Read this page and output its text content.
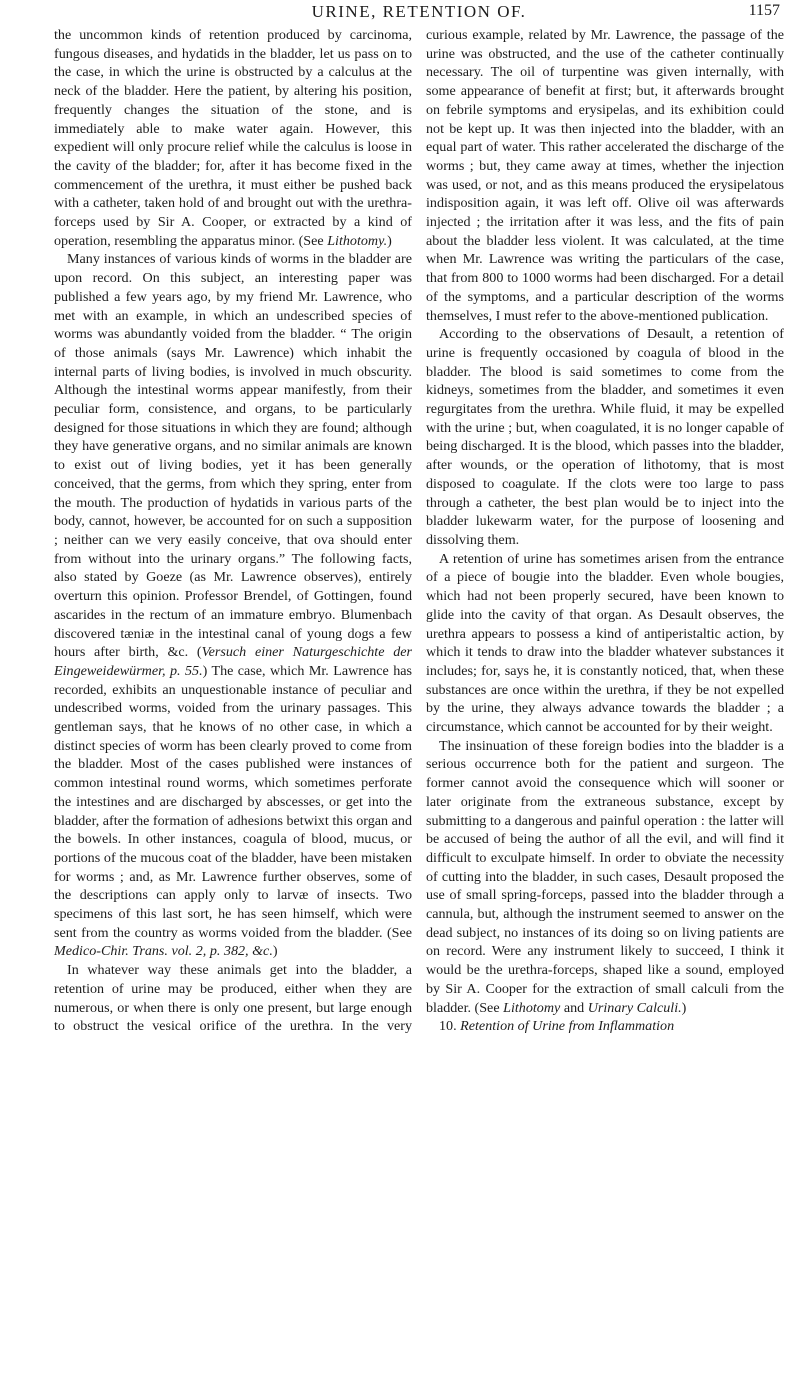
URINE, RETENTION OF.	1157

the uncommon kinds of retention produced by carcinoma, fungous diseases, and hydatids in the bladder, let us pass on to the case, in which the urine is obstructed by a calculus at the neck of the bladder. Here the patient, by altering his position, frequently changes the situation of the stone, and is immediately able to make water again. However, this expedient will only procure relief while the calculus is loose in the cavity of the bladder; for, after it has become fixed in the commencement of the urethra, it must either be pushed back with a catheter, taken hold of and brought out with the urethra-forceps used by Sir A. Cooper, or extracted by a kind of operation, resembling the apparatus minor. (See Lithotomy.)

Many instances of various kinds of worms in the bladder are upon record. On this subject, an interesting paper was published a few years ago, by my friend Mr. Lawrence, who met with an example, in which an undescribed species of worms was abundantly voided from the bladder. “ The origin of those animals (says Mr. Lawrence) which inhabit the internal parts of living bodies, is involved in much obscurity. Although the intestinal worms appear manifestly, from their peculiar form, consistence, and organs, to be particularly designed for those situations in which they are found; although they have generative organs, and no similar animals are known to exist out of living bodies, yet it has been generally conceived, that the germs, from which they spring, enter from the mouth. The production of hydatids in various parts of the body, cannot, however, be accounted for on such a supposition ; neither can we very easily conceive, that ova should enter from without into the urinary organs.” The following facts, also stated by Goeze (as Mr. Lawrence observes), entirely overturn this opinion. Professor Brendel, of Gottingen, found ascarides in the rectum of an immature embryo. Blumenbach discovered tæniæ in the intestinal canal of young dogs a few hours after birth, &c. (Versuch einer Naturgeschichte der Eingeweidewürmer, p. 55.) The case, which Mr. Lawrence has recorded, exhibits an unquestionable instance of peculiar and undescribed worms, voided from the urinary passages. This gentleman says, that he knows of no other case, in which a distinct species of worm has been clearly proved to come from the bladder. Most of the cases published were instances of common intestinal round worms, which sometimes perforate the intestines and are discharged by abscesses, or get into the bladder, after the formation of adhesions betwixt this organ and the bowels. In other instances, coagula of blood, mucus, or portions of the mucous coat of the bladder, have been mistaken for worms ; and, as Mr. Lawrence further observes, some of the descriptions can apply only to larvæ of insects. Two specimens of this last sort, he has seen himself, which were sent from the country as worms voided from the bladder. (See Medico-Chir. Trans. vol. 2, p. 382, &c.)

In whatever way these animals get into the bladder, a retention of urine may be produced, either when they are numerous, or when there is only one present, but large enough to obstruct the vesical orifice of the urethra. In the very

curious example, related by Mr. Lawrence, the passage of the urine was obstructed, and the use of the catheter continually necessary. The oil of turpentine was given internally, with some appearance of benefit at first; but, it afterwards brought on febrile symptoms and erysipelas, and its exhibition could not be kept up. It was then injected into the bladder, with an equal part of water. This rather accelerated the discharge of the worms ; but, they came away at times, whether the injection was used, or not, and as this means produced the erysipelatous indisposition again, it was left off. Olive oil was afterwards injected ; the irritation after it was less, and the fits of pain about the bladder less violent. It was calculated, at the time when Mr. Lawrence was writing the particulars of the case, that from 800 to 1000 worms had been discharged. For a detail of the symptoms, and a particular description of the worms themselves, I must refer to the above-mentioned publication.

According to the observations of Desault, a retention of urine is frequently occasioned by coagula of blood in the bladder. The blood is said sometimes to come from the kidneys, sometimes from the bladder, and sometimes it even regurgitates from the urethra. While fluid, it may be expelled with the urine ; but, when coagulated, it is no longer capable of being discharged. It is the blood, which passes into the bladder, after wounds, or the operation of lithotomy, that is most disposed to coagulate. If the clots were too large to pass through a catheter, the best plan would be to inject into the bladder lukewarm water, for the purpose of loosening and dissolving them.

A retention of urine has sometimes arisen from the entrance of a piece of bougie into the bladder. Even whole bougies, which had not been properly secured, have been known to glide into the cavity of that organ. As Desault observes, the urethra appears to possess a kind of antiperistaltic action, by which it tends to draw into the bladder whatever substances it includes; for, says he, it is constantly noticed, that, when these substances are once within the urethra, if they be not expelled by the urine, they always advance towards the bladder ; a circumstance, which cannot be accounted for by their weight.

The insinuation of these foreign bodies into the bladder is a serious occurrence both for the patient and surgeon. The former cannot avoid the consequence which will sooner or later originate from the extraneous substance, except by submitting to a dangerous and painful operation : the latter will be accused of being the author of all the evil, and will find it difficult to exculpate himself. In order to obviate the necessity of cutting into the bladder, in such cases, Desault proposed the use of small spring-forceps, passed into the bladder through a cannula, but, although the instrument seemed to answer on the dead subject, no instances of its doing so on living patients are on record. Were any instrument likely to succeed, I think it would be the urethra-forceps, shaped like a sound, employed by Sir A. Cooper for the extraction of small calculi from the bladder. (See Lithotomy and Urinary Calculi.)

10. Retention of Urine from Inflammation
